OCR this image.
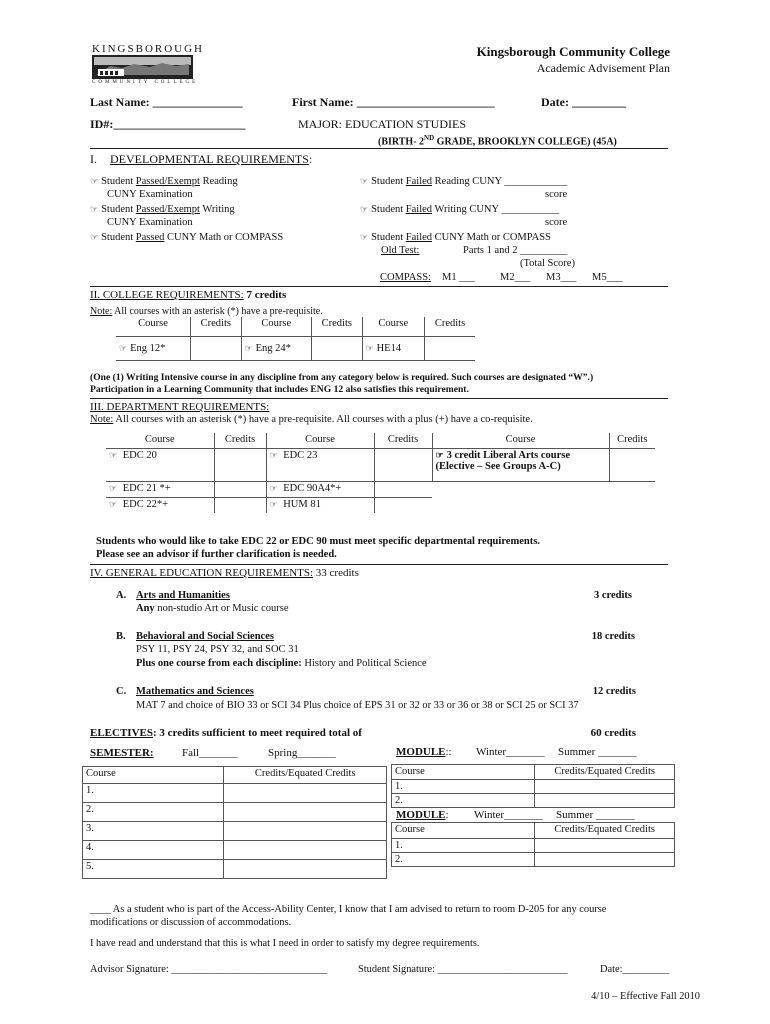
KINGSBOROUGH
COMMUNITY COLLEGE
Kingsborough Community College
Academic Advisement Plan
Last Name: _______________	First Name: _______________________	Date: _________
ID#:______________________	MAJOR: EDUCATION STUDIES
(BIRTH- 2ND GRADE, BROOKLYN COLLEGE) (45A)
I. DEVELOPMENTAL REQUIREMENTS:
☞ Student Passed/Exempt Reading
CUNY Examination
☞ Student Passed/Exempt Writing
CUNY Examination
☞ Student Passed CUNY Math or COMPASS
☞ Student Failed Reading CUNY ____________
score
☞ Student Failed Writing CUNY ___________
score
☞ Student Failed CUNY Math or COMPASS
Old Test:	Parts 1 and 2 _________
(Total Score)
COMPASS: M1 ___ M2___ M3___ M5___
II. COLLEGE REQUIREMENTS: 7 credits
Note: All courses with an asterisk (*) have a pre-requisite.
Course	Credits	Course	Credits	Course	Credits
☞ Eng 12*		☞ Eng 24*		☞ HE14	
(One (1) Writing Intensive course in any discipline from any category below is required. Such courses are designated “W”.)
Participation in a Learning Community that includes ENG 12 also satisfies this requirement.
III. DEPARTMENT REQUIREMENTS:
Note: All courses with an asterisk (*) have a pre-requisite. All courses with a plus (+) have a co-requisite.
Course	Credits	Course	Credits	Course	Credits
☞ EDC 20		☞ EDC 23		☞ 3 credit Liberal Arts course
(Elective – See Groups A-C)	
☞ EDC 21 *+		☞ EDC 90A4*+			
☞ EDC 22*+		☞ HUM 81			
Students who would like to take EDC 22 or EDC 90 must meet specific departmental requirements.
Please see an advisor if further clarification is needed.
IV. GENERAL EDUCATION REQUIREMENTS: 33 credits
A. Arts and Humanities	3 credits
Any non-studio Art or Music course
B. Behavioral and Social Sciences	18 credits
PSY 11, PSY 24, PSY 32, and SOC 31
Plus one course from each discipline: History and Political Science
C. Mathematics and Sciences	12 credits
MAT 7 and choice of BIO 33 or SCI 34 Plus choice of EPS 31 or 32 or 33 or 36 or 38 or SCI 25 or SCI 37
ELECTIVES: 3 credits sufficient to meet required total of	60 credits
SEMESTER:	Fall_______	Spring_______	MODULE:: Winter_______ Summer _______
Course	Credits/Equated Credits
1.	
2.	
3.	
4.	
5.	
Course	Credits/Equated Credits
1.	
2.	
MODULE: Winter_______ Summer _______
Course	Credits/Equated Credits
1.	
2.	
____ As a student who is part of the Access-Ability Center, I know that I am advised to return to room D-205 for any course
modifications or discussion of accommodations.
I have read and understand that this is what I need in order to satisfy my degree requirements.
Advisor Signature: ______________________________	Student Signature: _________________________	Date:_________
4/10 – Effective Fall 2010
